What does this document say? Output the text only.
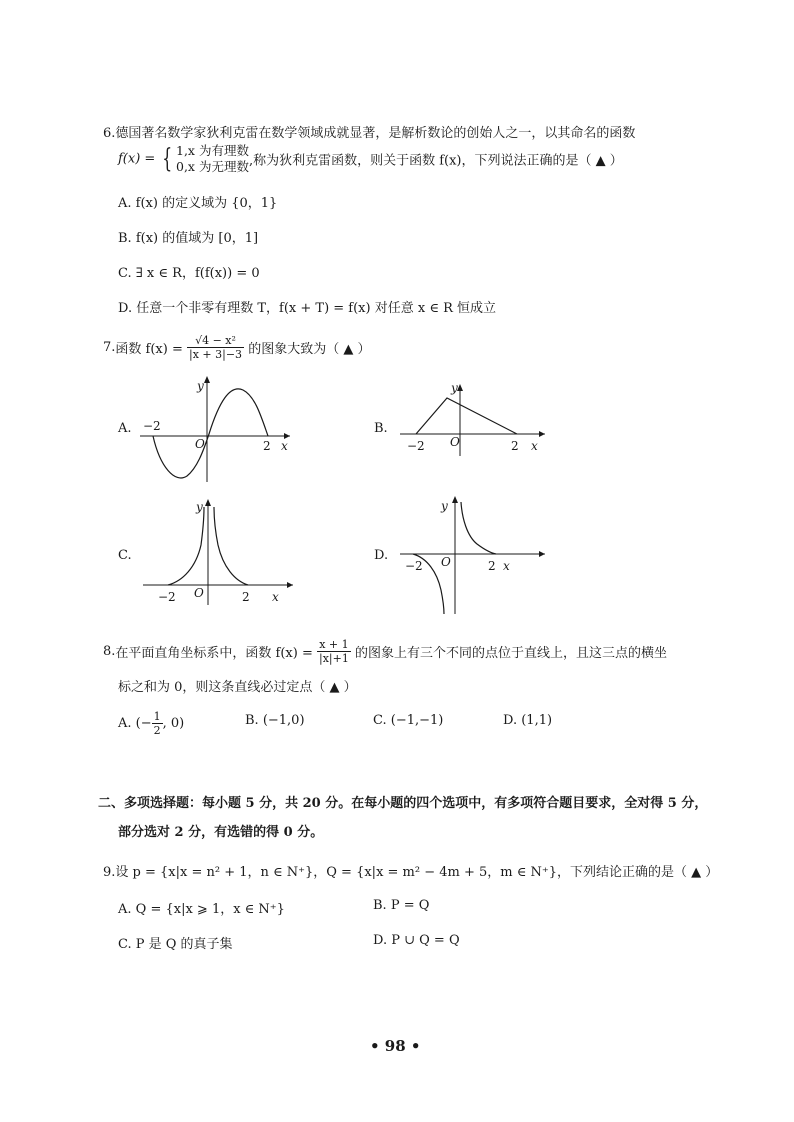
6.德国著名数学家狄利克雷在数学领域成就显著，是解析数论的创始人之一，以其命名的函数
f(x) = { 1,x 为有理数
0,x 为无理数 ,称为狄利克雷函数，则关于函数 f(x)，下列说法正确的是（ ▲ ）
A. f(x) 的定义域为 {0，1}
B. f(x) 的值域为 [0，1]
C. ∃ x ∈ R，f(f(x)) = 0
D. 任意一个非零有理数 T，f(x + T) = f(x) 对任意 x ∈ R 恒成立
7.函数 $f(x) = \frac{\text{√4 − x²}}{|x + 3|-3}$ 的图象大致为（ ▲ ）
A.
y
x
O
−2
2
B.
y
x
O
−2	2
C.
y
x
O
−2	2
D.
y
x
O
−2	2
8.在平面直角坐标系中，函数 $f(x) = \frac{x + 1}{|x|+1}$ 的图象上有三个不同的点位于直线上，且这三点的横坐
标之和为 0，则这条直线必过定点（ ▲ ）
A. (− $\frac{1}{2}$ , 0)	B. (−1,0)	C. (−1,−1)	D. (1,1)
二、多项选择题：每小题 5 分，共 20 分。在每小题的四个选项中，有多项符合题目要求，全对得 5 分，
部分选对 2 分，有选错的得 0 分。
9.设 p = {x|x = n² + 1，n ∈ N⁺}，Q = {x|x = m² − 4m + 5，m ∈ N⁺}，下列结论正确的是（ ▲ ）
A. Q = {x|x ⩾ 1，x ∈ N⁺}	B. P = Q
C. P 是 Q 的真子集	D. P ∪ Q = Q
• 98 •
